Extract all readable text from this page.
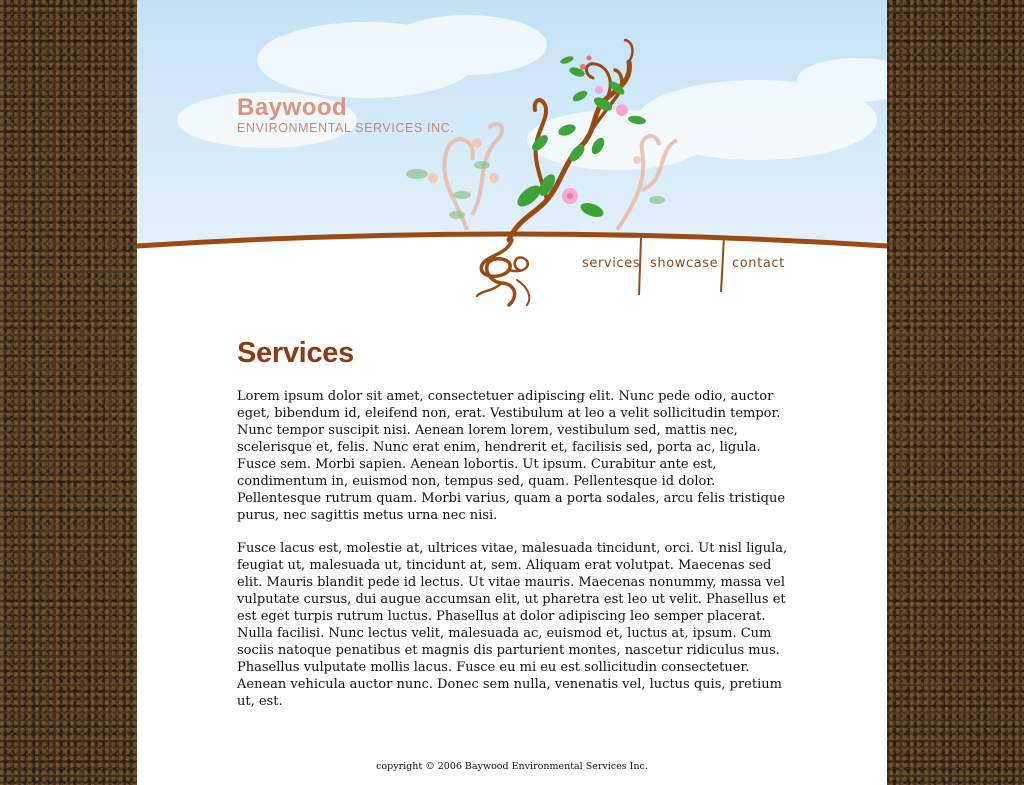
Baywood
ENVIRONMENTAL SERVICES INC.
services showcase contact
Services

Lorem ipsum dolor sit amet, consectetuer adipiscing elit. Nunc pede odio, auctor eget, bibendum id, eleifend non, erat. Vestibulum at leo a velit sollicitudin tempor. Nunc tempor suscipit nisi. Aenean lorem lorem, vestibulum sed, mattis nec, scelerisque et, felis. Nunc erat enim, hendrerit et, facilisis sed, porta ac, ligula. Fusce sem. Morbi sapien. Aenean lobortis. Ut ipsum. Curabitur ante est, condimentum in, euismod non, tempus sed, quam. Pellentesque id dolor. Pellentesque rutrum quam. Morbi varius, quam a porta sodales, arcu felis tristique purus, nec sagittis metus urna nec nisi.

Fusce lacus est, molestie at, ultrices vitae, malesuada tincidunt, orci. Ut nisl ligula, feugiat ut, malesuada ut, tincidunt at, sem. Aliquam erat volutpat. Maecenas sed elit. Mauris blandit pede id lectus. Ut vitae mauris. Maecenas nonummy, massa vel vulputate cursus, dui augue accumsan elit, ut pharetra est leo ut velit. Phasellus et est eget turpis rutrum luctus. Phasellus at dolor adipiscing leo semper placerat. Nulla facilisi. Nunc lectus velit, malesuada ac, euismod et, luctus at, ipsum. Cum sociis natoque penatibus et magnis dis parturient montes, nascetur ridiculus mus. Phasellus vulputate mollis lacus. Fusce eu mi eu est sollicitudin consectetuer. Aenean vehicula auctor nunc. Donec sem nulla, venenatis vel, luctus quis, pretium ut, est.

copyright © 2006 Baywood Environmental Services Inc.
